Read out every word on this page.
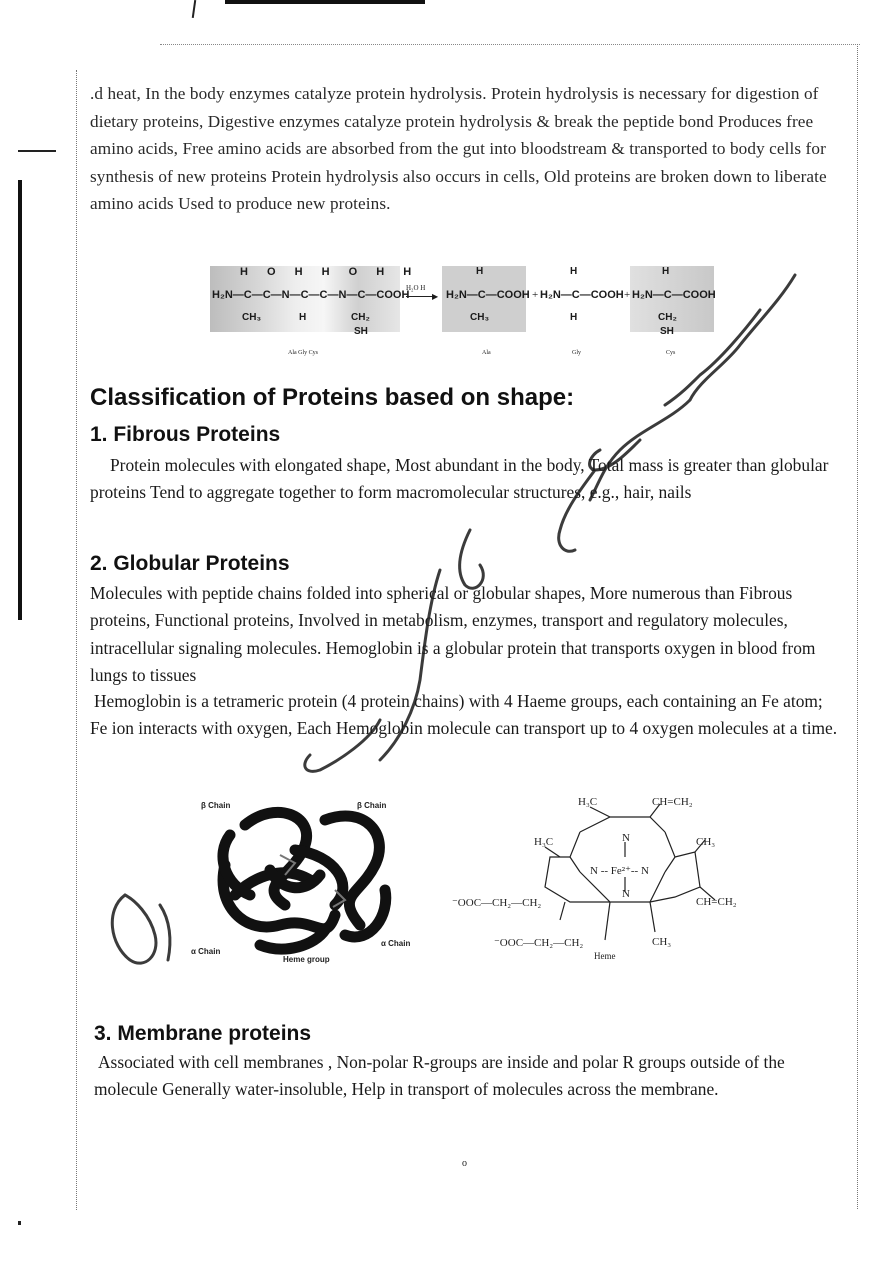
.d heat, In the body enzymes catalyze protein hydrolysis. Protein hydrolysis is necessary for digestion of dietary proteins, Digestive enzymes catalyze protein hydrolysis & break the peptide bond Produces free amino acids, Free amino acids are absorbed from the gut into bloodstream & transported to body cells for synthesis of new proteins Protein hydrolysis also occurs in cells, Old proteins are broken down to liberate amino acids Used to produce new proteins.
H O H H O H H
H₂N—C—C—N—C—C—N—C—COOH
CH₃	H	CH₂
SH
H₂O H
▶
H
H₂N—C—COOH
CH₃
+
H
H₂N—C—COOH
H
+
H
H₂N—C—COOH
CH₂
SH
Ala Gly Cys	Ala	Gly	Cys
Classification of Proteins based on shape:
1. Fibrous Proteins
Protein molecules with elongated shape, Most abundant in the body, Total mass is greater than globular proteins Tend to aggregate together to form macromolecular structures, e.g., hair, nails
2. Globular Proteins
Molecules with peptide chains folded into spherical or globular shapes, More numerous than Fibrous proteins, Functional proteins, Involved in metabolism, enzymes, transport and regulatory molecules, intracellular signaling molecules. Hemoglobin is a globular protein that transports oxygen in blood from lungs to tissues
Hemoglobin is a tetrameric protein (4 protein chains) with 4 Haeme groups, each containing an Fe atom; Fe ion interacts with oxygen, Each Hemoglobin molecule can transport up to 4 oxygen molecules at a time.
β Chain	β Chain
α Chain
α Chain
Heme group
H₃C	CH=CH₂
H₃C	CH₃
N
N -- Fe²⁺-- N
N
⁻OOC—CH₂—CH₂	CH=CH₂
⁻OOC—CH₂—CH₂	CH₃
Heme
3. Membrane proteins
Associated with cell membranes , Non-polar R-groups are inside and polar R groups outside of the molecule Generally water-insoluble, Help in transport of molecules across the membrane.
o
